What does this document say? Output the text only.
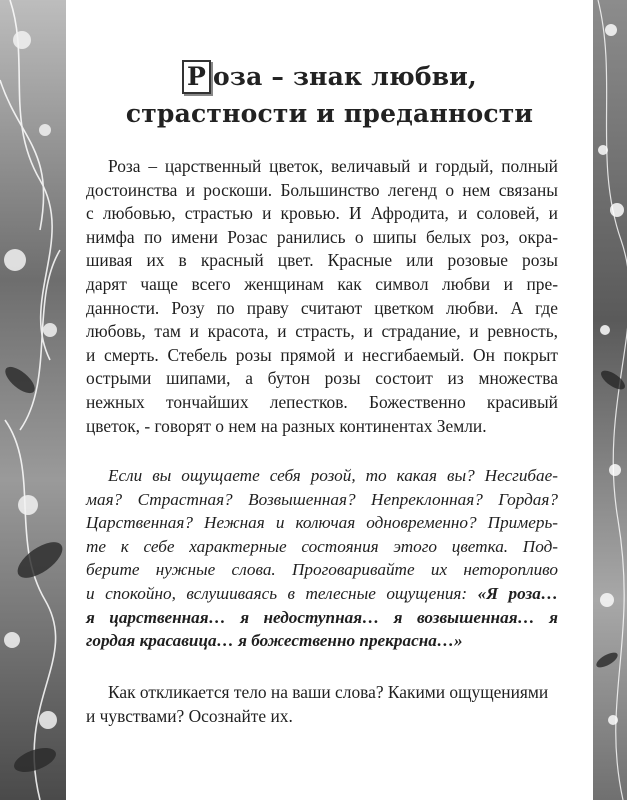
Р оза – знак любви,
страстности и преданности
Роза – царственный цветок, величавый и гордый, полный
достоинства и роскоши. Большинство легенд о нем связаны
с любовью, страстью и кровью. И Афродита, и соловей, и
нимфа по имени Розас ранились о шипы белых роз, окра-
шивая их в красный цвет. Красные или розовые розы
дарят чаще всего женщинам как символ любви и пре-
данности. Розу по праву считают цветком любви. А где
любовь, там и красота, и страсть, и страдание, и ревность,
и смерть. Стебель розы прямой и несгибаемый. Он покрыт
острыми шипами, а бутон розы состоит из множества
нежных тончайших лепестков. Божественно красивый
цветок, - говорят о нем на разных континентах Земли.
Если вы ощущаете себя розой, то какая вы? Несгибае-
мая? Страстная? Возвышенная? Непреклонная? Гордая?
Царственная? Нежная и колючая одновременно? Примерь-
те к себе характерные состояния этого цветка. Под-
берите нужные слова. Проговаривайте их неторопливо
и спокойно, вслушиваясь в телесные ощущения: «Я роза…
я царственная… я недоступная… я возвышенная… я
гордая красавица… я божественно прекрасна…»
Как откликается тело на ваши слова? Какими ощущениями
и чувствами? Осознайте их.
